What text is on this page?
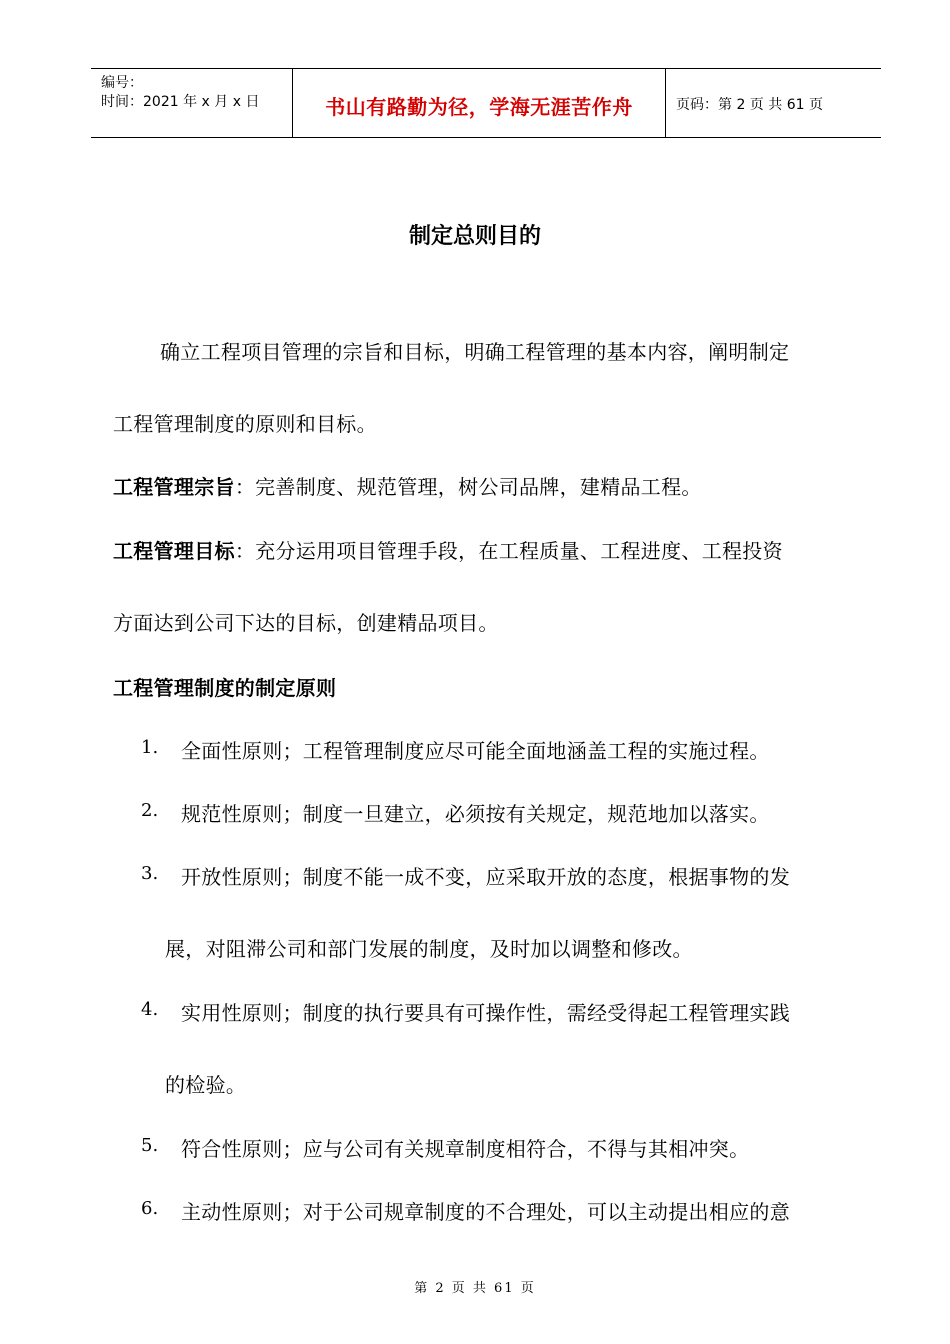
编号：
时间：2021 年 x 月 x 日	书山有路勤为径，学海无涯苦作舟	页码：第 2 页 共 61 页
制定总则目的
确立工程项目管理的宗旨和目标，明确工程管理的基本内容，阐明制定
工程管理制度的原则和目标。
工程管理宗旨：完善制度、规范管理，树公司品牌，建精品工程。
工程管理目标：充分运用项目管理手段，在工程质量、工程进度、工程投资
方面达到公司下达的目标，创建精品项目。
工程管理制度的制定原则
1. 全面性原则；工程管理制度应尽可能全面地涵盖工程的实施过程。
2. 规范性原则；制度一旦建立，必须按有关规定，规范地加以落实。
3. 开放性原则；制度不能一成不变，应采取开放的态度，根据事物的发
展，对阻滞公司和部门发展的制度，及时加以调整和修改。
4. 实用性原则；制度的执行要具有可操作性，需经受得起工程管理实践
的检验。
5. 符合性原则；应与公司有关规章制度相符合，不得与其相冲突。
6. 主动性原则；对于公司规章制度的不合理处，可以主动提出相应的意
第 2 页 共 61 页
